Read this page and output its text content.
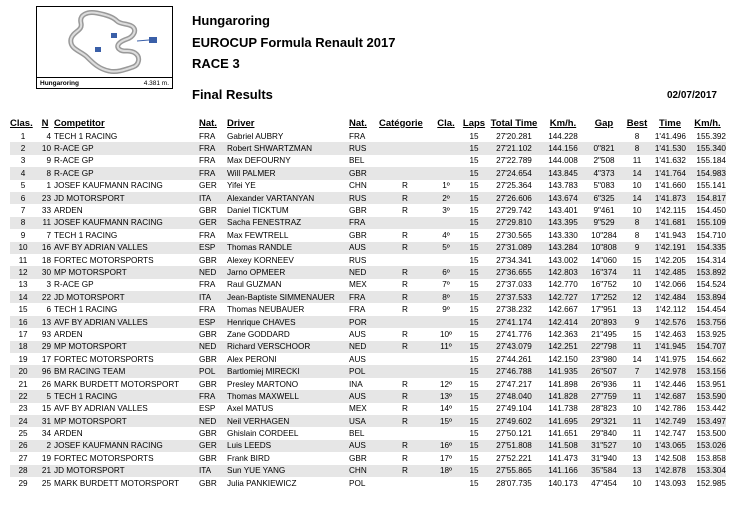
Hungaroring	4.381 m.
Hungaroring
EUROCUP Formula Renault 2017
RACE 3
Final Results	02/07/2017
Clas.	N	Competitor	Nat.	Driver	Nat.	Catégorie	Cla.	Laps	Total Time	Km/h.	Gap	Best	Time	Km/h.
1	4	TECH 1 RACING	FRA	Gabriel AUBRY	FRA			15	27'20.281	144.228		8	1'41.496	155.392
2	10	R-ACE GP	FRA	Robert SHWARTZMAN	RUS			15	27'21.102	144.156	0"821	8	1'41.530	155.340
3	9	R-ACE GP	FRA	Max DEFOURNY	BEL			15	27'22.789	144.008	2"508	11	1'41.632	155.184
4	8	R-ACE GP	FRA	Will PALMER	GBR			15	27'24.654	143.845	4"373	14	1'41.764	154.983
5	1	JOSEF KAUFMANN RACING	GER	Yifei YE	CHN	R	1º	15	27'25.364	143.783	5"083	10	1'41.660	155.141
6	23	JD MOTORSPORT	ITA	Alexander VARTANYAN	RUS	R	2º	15	27'26.606	143.674	6"325	14	1'41.873	154.817
7	33	ARDEN	GBR	Daniel TICKTUM	GBR	R	3º	15	27'29.742	143.401	9"461	10	1'42.115	154.450
8	11	JOSEF KAUFMANN RACING	GER	Sacha FENESTRAZ	FRA			15	27'29.810	143.395	9"529	8	1'41.681	155.109
9	7	TECH 1 RACING	FRA	Max FEWTRELL	GBR	R	4º	15	27'30.565	143.330	10"284	8	1'41.943	154.710
10	16	AVF BY ADRIAN VALLES	ESP	Thomas RANDLE	AUS	R	5º	15	27'31.089	143.284	10"808	9	1'42.191	154.335
11	18	FORTEC MOTORSPORTS	GBR	Alexey KORNEEV	RUS			15	27'34.341	143.002	14"060	15	1'42.205	154.314
12	30	MP MOTORSPORT	NED	Jarno OPMEER	NED	R	6º	15	27'36.655	142.803	16"374	11	1'42.485	153.892
13	3	R-ACE GP	FRA	Raul GUZMAN	MEX	R	7º	15	27'37.033	142.770	16"752	10	1'42.066	154.524
14	22	JD MOTORSPORT	ITA	Jean-Baptiste SIMMENAUER	FRA	R	8º	15	27'37.533	142.727	17"252	12	1'42.484	153.894
15	6	TECH 1 RACING	FRA	Thomas NEUBAUER	FRA	R	9º	15	27'38.232	142.667	17"951	13	1'42.112	154.454
16	13	AVF BY ADRIAN VALLES	ESP	Henrique CHAVES	POR			15	27'41.174	142.414	20"893	9	1'42.576	153.756
17	93	ARDEN	GBR	Zane GODDARD	AUS	R	10º	15	27'41.776	142.363	21"495	15	1'42.463	153.925
18	29	MP MOTORSPORT	NED	Richard VERSCHOOR	NED	R	11º	15	27'43.079	142.251	22"798	11	1'41.945	154.707
19	17	FORTEC MOTORSPORTS	GBR	Alex PERONI	AUS			15	27'44.261	142.150	23"980	14	1'41.975	154.662
20	96	BM RACING TEAM	POL	Bartlomiej MIRECKI	POL			15	27'46.788	141.935	26"507	7	1'42.978	153.156
21	26	MARK BURDETT MOTORSPORT	GBR	Presley MARTONO	INA	R	12º	15	27'47.217	141.898	26"936	11	1'42.446	153.951
22	5	TECH 1 RACING	FRA	Thomas MAXWELL	AUS	R	13º	15	27'48.040	141.828	27"759	11	1'42.687	153.590
23	15	AVF BY ADRIAN VALLES	ESP	Axel MATUS	MEX	R	14º	15	27'49.104	141.738	28"823	10	1'42.786	153.442
24	31	MP MOTORSPORT	NED	Neil VERHAGEN	USA	R	15º	15	27'49.602	141.695	29"321	11	1'42.749	153.497
25	34	ARDEN	GBR	Ghislain CORDEEL	BEL			15	27'50.121	141.651	29"840	11	1'42.747	153.500
26	2	JOSEF KAUFMANN RACING	GER	Luis LEEDS	AUS	R	16º	15	27'51.808	141.508	31"527	10	1'43.065	153.026
27	19	FORTEC MOTORSPORTS	GBR	Frank BIRD	GBR	R	17º	15	27'52.221	141.473	31"940	13	1'42.508	153.858
28	21	JD MOTORSPORT	ITA	Sun YUE YANG	CHN	R	18º	15	27'55.865	141.166	35"584	13	1'42.878	153.304
29	25	MARK BURDETT MOTORSPORT	GBR	Julia PANKIEWICZ	POL			15	28'07.735	140.173	47"454	10	1'43.093	152.985
